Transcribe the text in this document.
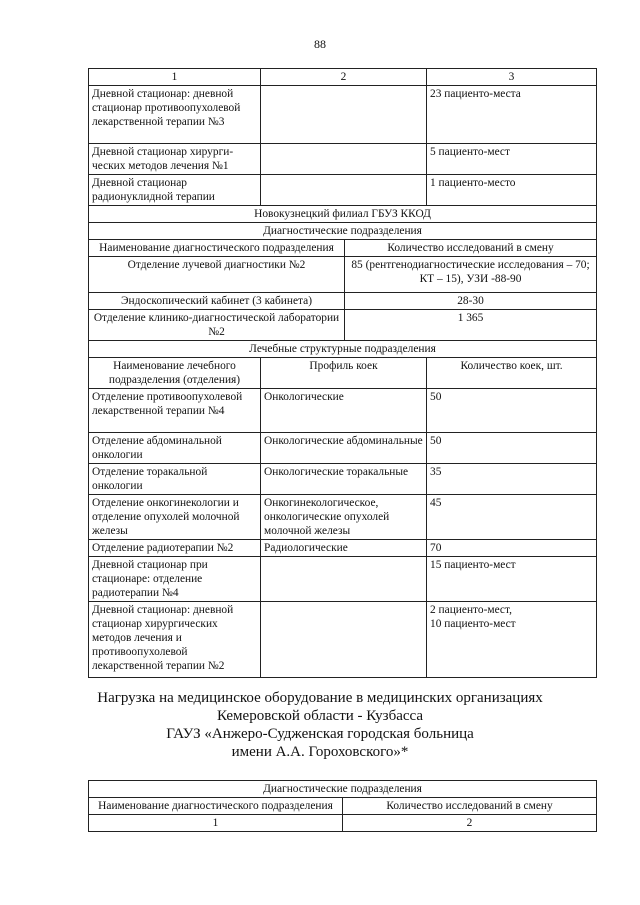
88
1	2		3
Дневной стационар: дневной стационар противоопухолевой лекарственной терапии №3			23 пациенто-места
Дневной стационар хирурги-ческих методов лечения №1			5 пациенто-мест
Дневной стационар радионуклидной терапии			1 пациенто-место
Новокузнецкий филиал ГБУЗ ККОД			
Диагностические подразделения			
Наименование диагностического подразделения		Количество исследований в смену	
Отделение лучевой диагностики №2		85 (рентгенодиагностические исследования – 70; КТ – 15), УЗИ -88-90	
Эндоскопический кабинет (3 кабинета)		28-30	
Отделение клинико-диагностической лаборатории №2		1 365	
Лечебные структурные подразделения			
Наименование лечебного подразделения (отделения)	Профиль коек		Количество коек, шт.
Отделение противоопухолевой лекарственной терапии №4	Онкологические		50
Отделение абдоминальной онкологии	Онкологические абдоминальные		50
Отделение торакальной онкологии	Онкологические торакальные		35
Отделение онкогинекологии и отделение опухолей молочной железы	Онкогинекологическое, онкологические опухолей молочной железы		45
Отделение радиотерапии №2	Радиологические		70
Дневной стационар при стационаре: отделение радиотерапии №4			15 пациенто-мест
Дневной стационар: дневной стационар хирургических методов лечения и противоопухолевой лекарственной терапии №2			2 пациенто-мест,
10 пациенто-мест
Нагрузка на медицинское оборудование в медицинских организациях
Кемеровской области - Кузбасса
ГАУЗ «Анжеро-Судженская городская больница
имени А.А. Гороховского»*
Диагностические подразделения	
Наименование диагностического подразделения	Количество исследований в смену
1	2
